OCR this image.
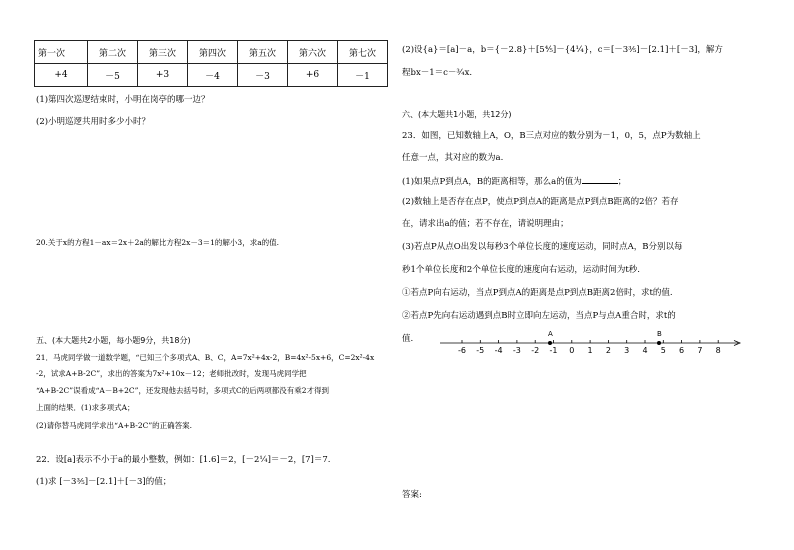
第一次	第二次	第三次	第四次	第五次	第六次	第七次
+4	－5	+3	－4	－3	+6	－1
(1)第四次巡逻结束时，小明在岗亭的哪一边？
(2)小明巡逻共用时多少小时？
20.关于x的方程1－ax＝2x＋2a的解比方程2x－3＝1的解小3，求a的值.
五、(本大题共2小题，每小题9分，共18分)
21．马虎同学做一道数学题，“已知三个多项式A、B、C，A=7x²+4x-2，B=4x²-5x+6，C=2x²-4x
-2，试求A+B-2C”，求出的答案为7x²+10x－12；老师批改时，发现马虎同学把
“A+B-2C”误看成“A－B+2C”，还发现他去括号时，多项式C的后两项都没有乘2才得到
上面的结果．(1)求多项式A；
(2)请你替马虎同学求出“A+B-2C”的正确答案.
22．设[a]表示不小于a的最小整数，例如：[1.6]＝2，[－2¼]＝－2，[7]＝7.
(1)求 [－3⅗]－[2.1]＋[－3]的值；
(2)设{a}＝[a]－a，b＝{－2.8}＋[5⁴⁄₅]－{4¹⁄₄}，c＝[－3⅗]－[2.1]＋[－3]，解方
程bx－1＝c－¾x.
六、(本大题共1小题，共12分)
23．如图，已知数轴上A，O，B三点对应的数分别为－1，0，5，点P为数轴上
任意一点，其对应的数为a.
(1)如果点P到点A，B的距离相等，那么a的值为	；
(2)数轴上是否存在点P，使点P到点A的距离是点P到点B距离的2倍？若存
在，请求出a的值；若不存在，请说明理由；
(3)若点P从点O出发以每秒3个单位长度的速度运动，同时点A，B分别以每
秒1个单位长度和2个单位长度的速度向右运动，运动时间为t秒.
①若点P向右运动，当点P到点A的距离是点P到点B距离2倍时，求t的值.
②若点P先向右运动遇到点B时立即向左运动，当点P与点A重合时，求t的
值.
-6 -5 -4 -3 -2 -1 0 1 2 3 4 5 6 7 8
A	B
答案:
